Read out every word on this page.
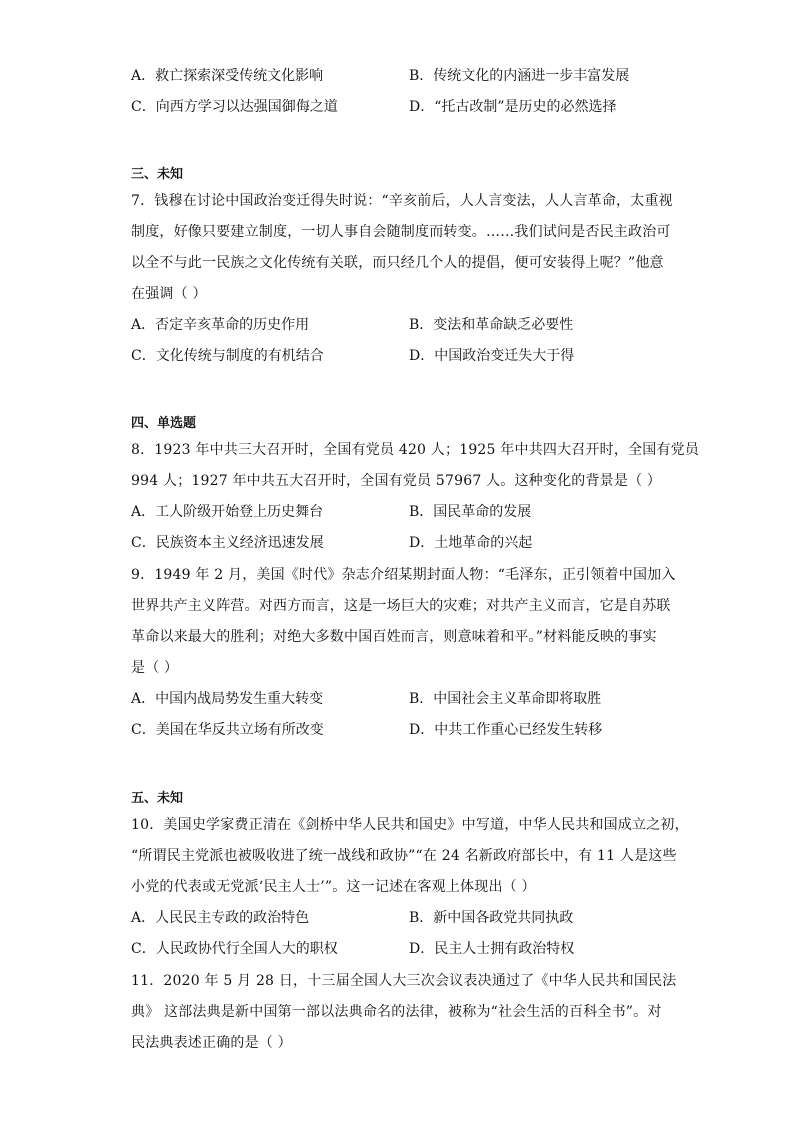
A．救亡探索深受传统文化影响	B．传统文化的内涵进一步丰富发展
C．向西方学习以达强国御侮之道	D．“托古改制”是历史的必然选择
三、未知
7．钱穆在讨论中国政治变迁得失时说：“辛亥前后，人人言变法，人人言革命，太重视
制度，好像只要建立制度，一切人事自会随制度而转变。……我们试问是否民主政治可
以全不与此一民族之文化传统有关联，而只经几个人的提倡，便可安装得上呢？”他意
在强调（ ）
A．否定辛亥革命的历史作用	B．变法和革命缺乏必要性
C．文化传统与制度的有机结合	D．中国政治变迁失大于得
四、单选题
8．1923 年中共三大召开时，全国有党员 420 人；1925 年中共四大召开时，全国有党员
994 人；1927 年中共五大召开时，全国有党员 57967 人。这种变化的背景是（ ）
A．工人阶级开始登上历史舞台	B．国民革命的发展
C．民族资本主义经济迅速发展	D．土地革命的兴起
9．1949 年 2 月，美国《时代》杂志介绍某期封面人物：“毛泽东，正引领着中国加入
世界共产主义阵营。对西方而言，这是一场巨大的灾难；对共产主义而言，它是自苏联
革命以来最大的胜利；对绝大多数中国百姓而言，则意味着和平。”材料能反映的事实
是（ ）
A．中国内战局势发生重大转变	B．中国社会主义革命即将取胜
C．美国在华反共立场有所改变	D．中共工作重心已经发生转移
五、未知
10．美国史学家费正清在《剑桥中华人民共和国史》中写道，中华人民共和国成立之初，
“所谓民主党派也被吸收进了统一战线和政协”“在 24 名新政府部长中，有 11 人是这些
小党的代表或无党派‘民主人士’”。这一记述在客观上体现出（ ）
A．人民民主专政的政治特色	B．新中国各政党共同执政
C．人民政协代行全国人大的职权	D．民主人士拥有政治特权
11．2020 年 5 月 28 日，十三届全国人大三次会议表决通过了《中华人民共和国民法
典》 这部法典是新中国第一部以法典命名的法律，被称为“社会生活的百科全书”。对
民法典表述正确的是（ ）
